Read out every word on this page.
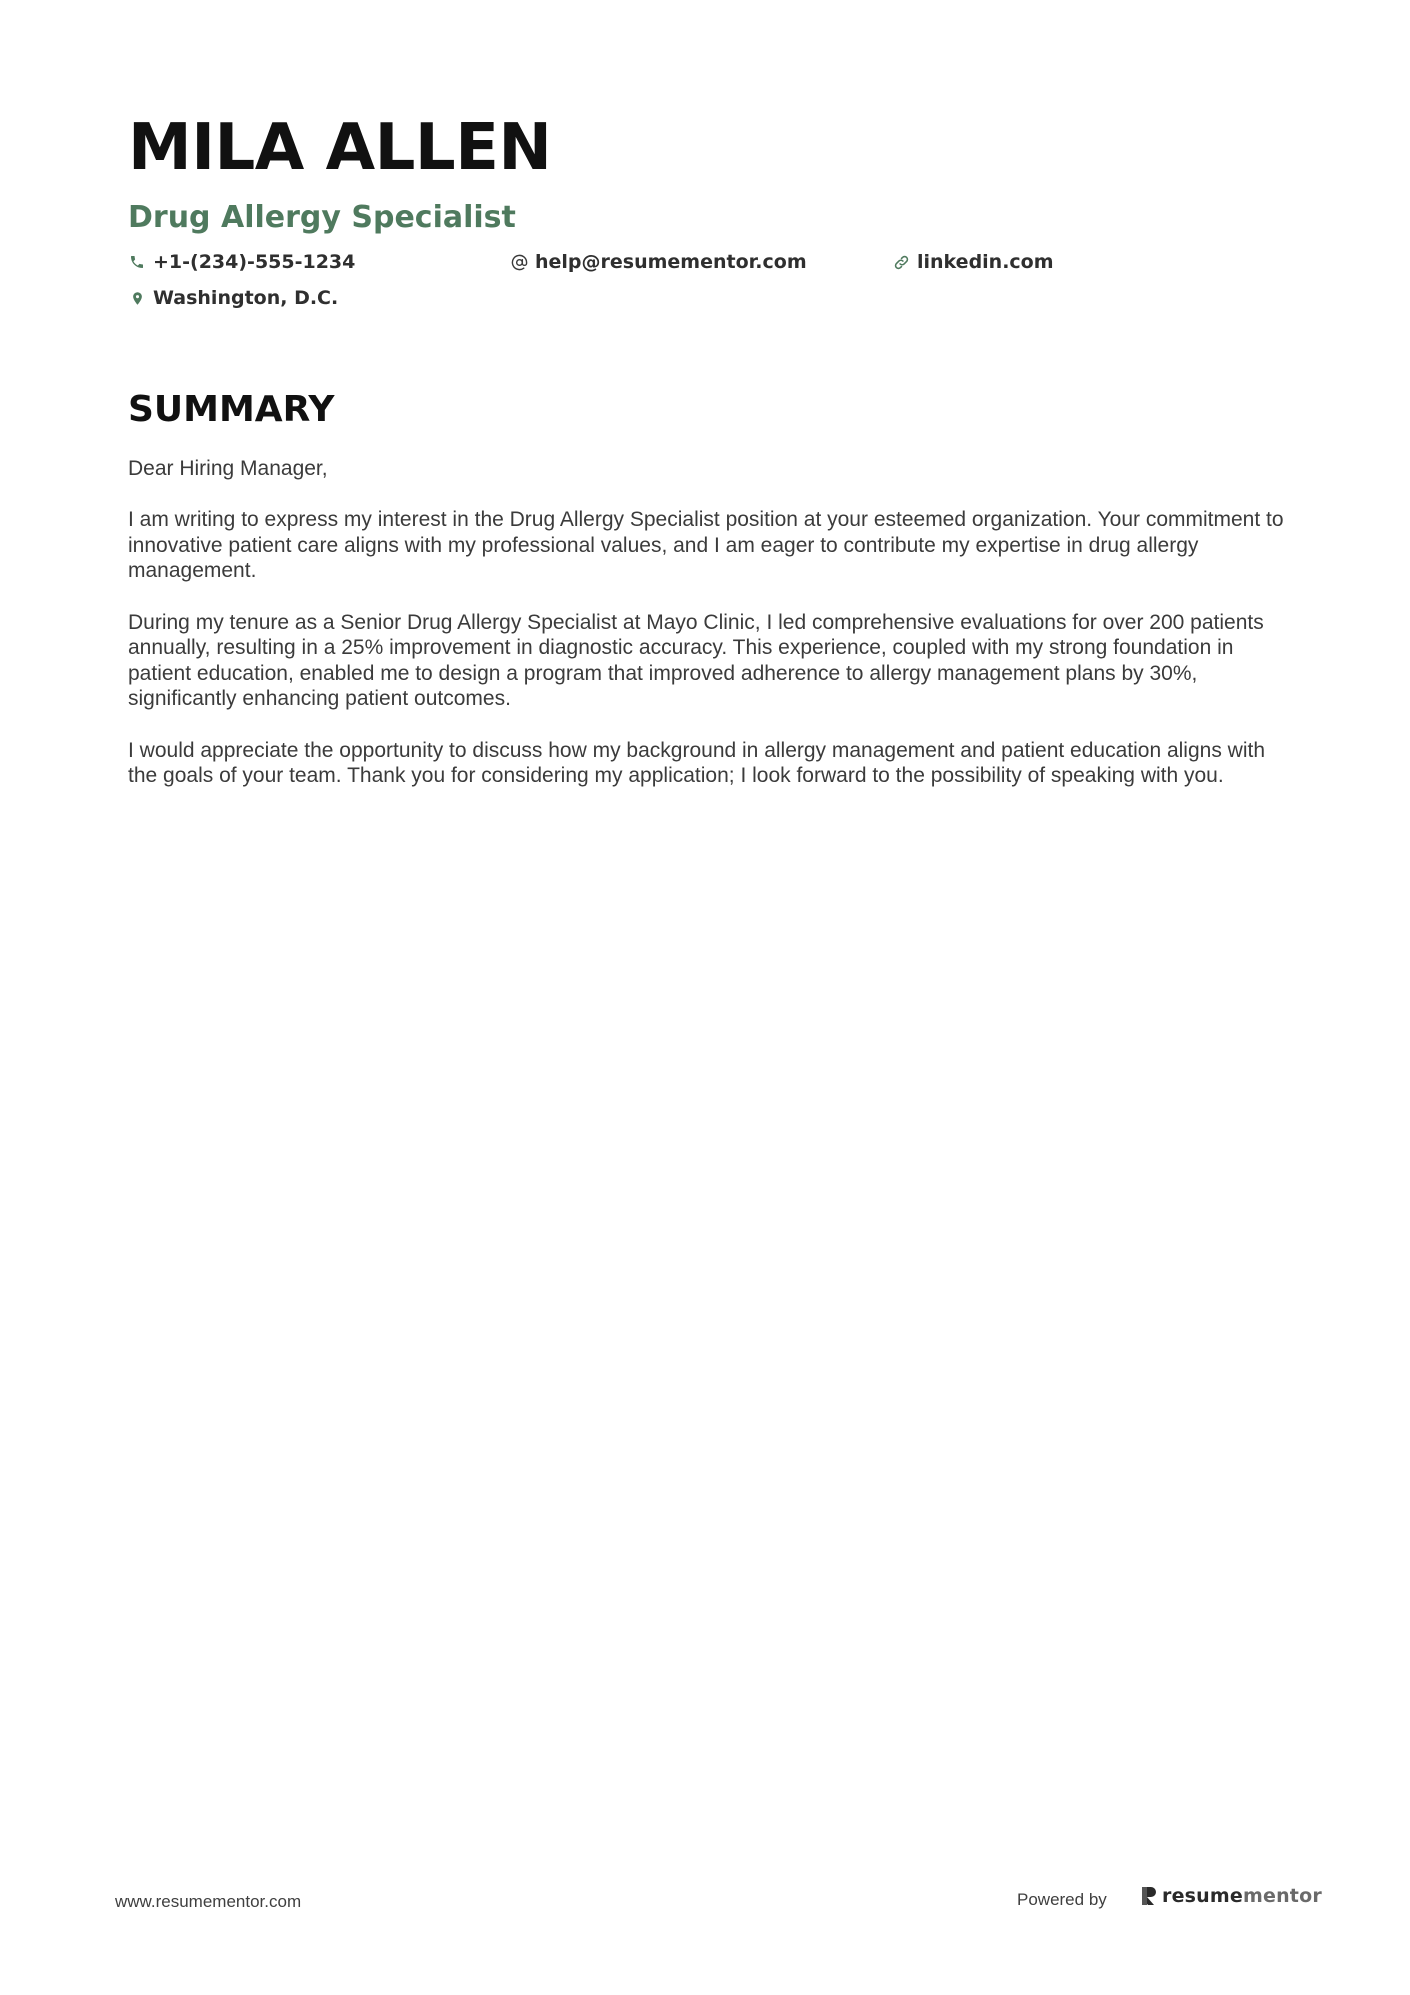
MILA ALLEN
Drug Allergy Specialist
+1-(234)-555-1234	help@resumementor.com	linkedin.com
Washington, D.C.
SUMMARY

Dear Hiring Manager,

I am writing to express my interest in the Drug Allergy Specialist position at your esteemed organization. Your commitment to innovative patient care aligns with my professional values, and I am eager to contribute my expertise in drug allergy management.

During my tenure as a Senior Drug Allergy Specialist at Mayo Clinic, I led comprehensive evaluations for over 200 patients annually, resulting in a 25% improvement in diagnostic accuracy. This experience, coupled with my strong foundation in patient education, enabled me to design a program that improved adherence to allergy management plans by 30%, significantly enhancing patient outcomes.

I would appreciate the opportunity to discuss how my background in allergy management and patient education aligns with the goals of your team. Thank you for considering my application; I look forward to the possibility of speaking with you.

www.resumementor.com	Powered by	resumementor
